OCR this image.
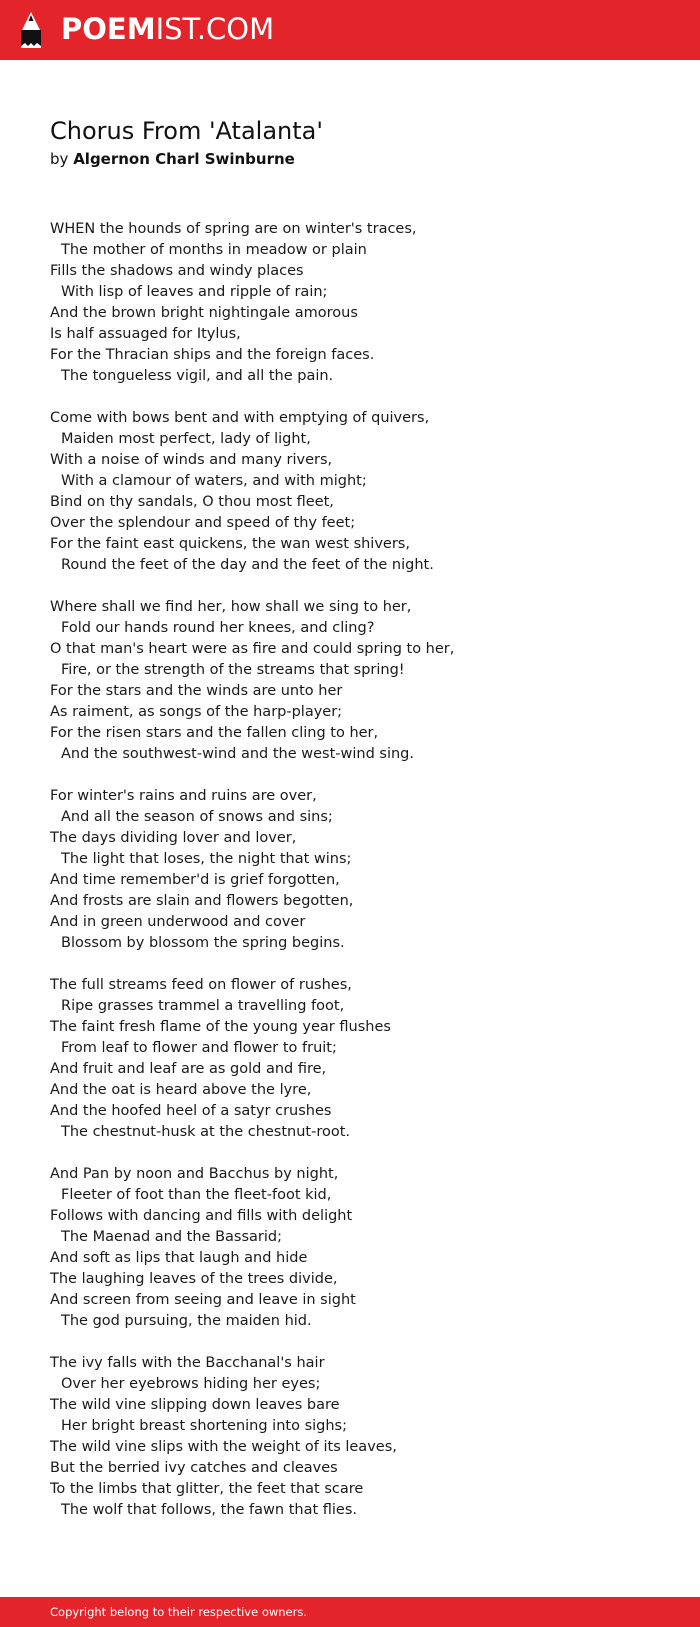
POEMIST.COM
Chorus From 'Atalanta'
by Algernon Charl Swinburne
WHEN the hounds of spring are on winter's traces,
The mother of months in meadow or plain
Fills the shadows and windy places
With lisp of leaves and ripple of rain;
And the brown bright nightingale amorous
Is half assuaged for Itylus,
For the Thracian ships and the foreign faces.
The tongueless vigil, and all the pain.
Come with bows bent and with emptying of quivers,
Maiden most perfect, lady of light,
With a noise of winds and many rivers,
With a clamour of waters, and with might;
Bind on thy sandals, O thou most fleet,
Over the splendour and speed of thy feet;
For the faint east quickens, the wan west shivers,
Round the feet of the day and the feet of the night.
Where shall we find her, how shall we sing to her,
Fold our hands round her knees, and cling?
O that man's heart were as fire and could spring to her,
Fire, or the strength of the streams that spring!
For the stars and the winds are unto her
As raiment, as songs of the harp-player;
For the risen stars and the fallen cling to her,
And the southwest-wind and the west-wind sing.
For winter's rains and ruins are over,
And all the season of snows and sins;
The days dividing lover and lover,
The light that loses, the night that wins;
And time remember'd is grief forgotten,
And frosts are slain and flowers begotten,
And in green underwood and cover
Blossom by blossom the spring begins.
The full streams feed on flower of rushes,
Ripe grasses trammel a travelling foot,
The faint fresh flame of the young year flushes
From leaf to flower and flower to fruit;
And fruit and leaf are as gold and fire,
And the oat is heard above the lyre,
And the hoofed heel of a satyr crushes
The chestnut-husk at the chestnut-root.
And Pan by noon and Bacchus by night,
Fleeter of foot than the fleet-foot kid,
Follows with dancing and fills with delight
The Maenad and the Bassarid;
And soft as lips that laugh and hide
The laughing leaves of the trees divide,
And screen from seeing and leave in sight
The god pursuing, the maiden hid.
The ivy falls with the Bacchanal's hair
Over her eyebrows hiding her eyes;
The wild vine slipping down leaves bare
Her bright breast shortening into sighs;
The wild vine slips with the weight of its leaves,
But the berried ivy catches and cleaves
To the limbs that glitter, the feet that scare
The wolf that follows, the fawn that flies.
Copyright belong to their respective owners.
